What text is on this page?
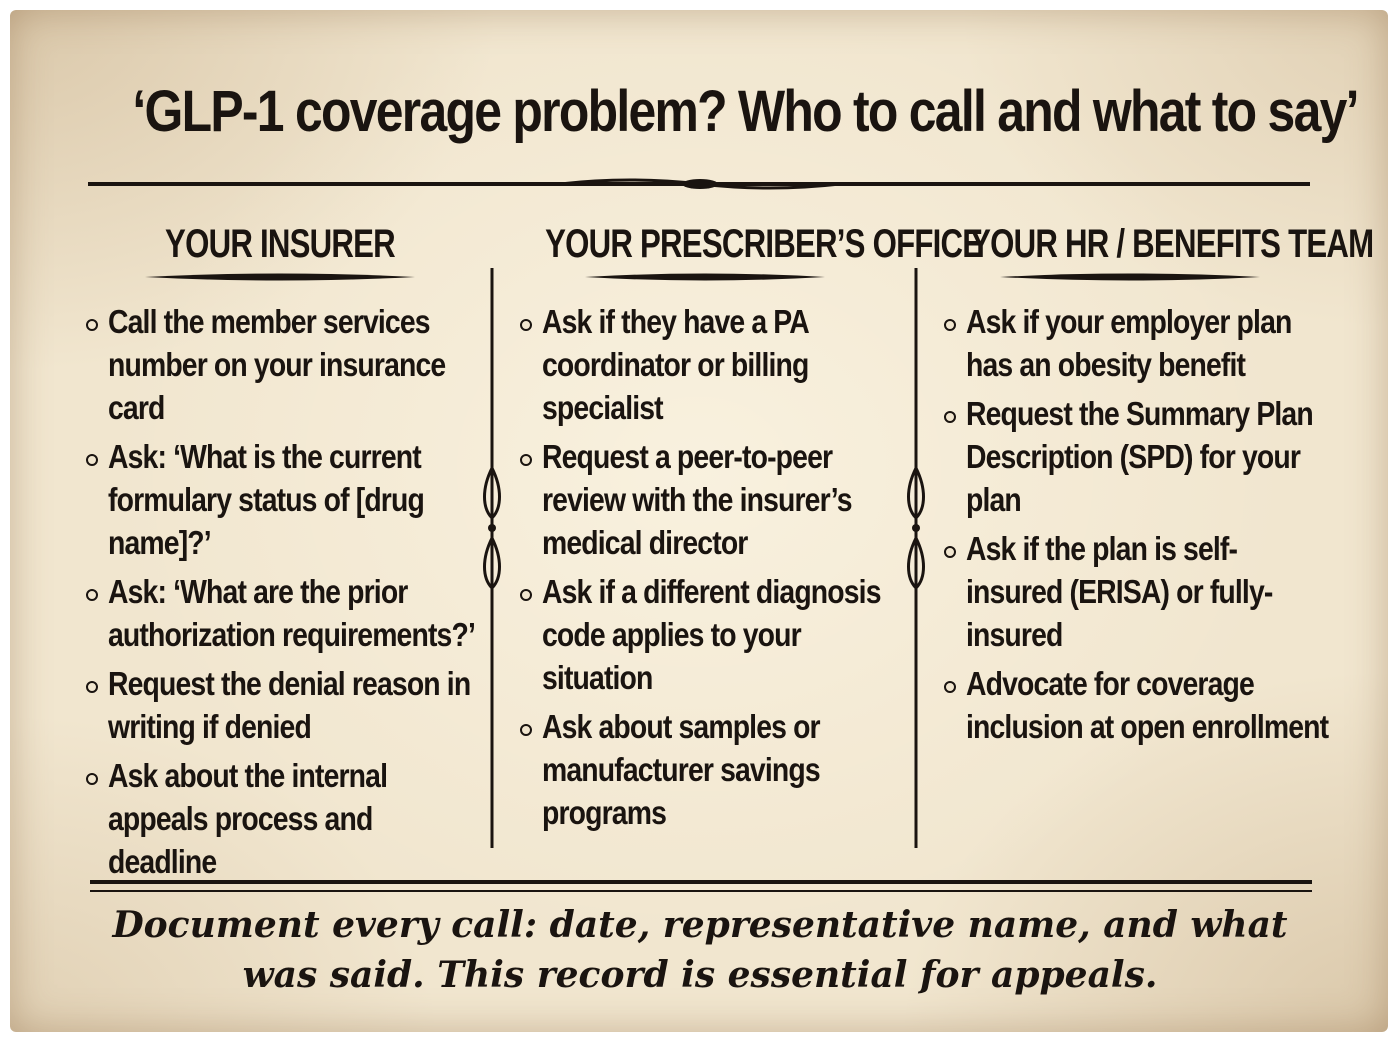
‘GLP-1 coverage problem? Who to call and what to say’
YOUR INSURER	YOUR PRESCRIBER’S OFFICE
YOUR HR / BENEFITS TEAM
Call the member services number on your insurance card
Ask: ‘What is the current formulary status of [drug name]?’
Ask: ‘What are the prior authorization requirements?’
Request the denial reason in writing if denied
Ask about the internal appeals process and deadline
Ask if they have a PA coordinator or billing specialist
Request a peer-to-peer review with the insurer’s medical director
Ask if a different diagnosis code applies to your situation
Ask about samples or manufacturer savings programs
Ask if your employer plan has an obesity benefit
Request the Summary Plan Description (SPD) for your plan
Ask if the plan is self-insured (ERISA) or fully-insured
Advocate for coverage inclusion at open enrollment
Document every call: date, representative name, and what was said. This record is essential for appeals.
